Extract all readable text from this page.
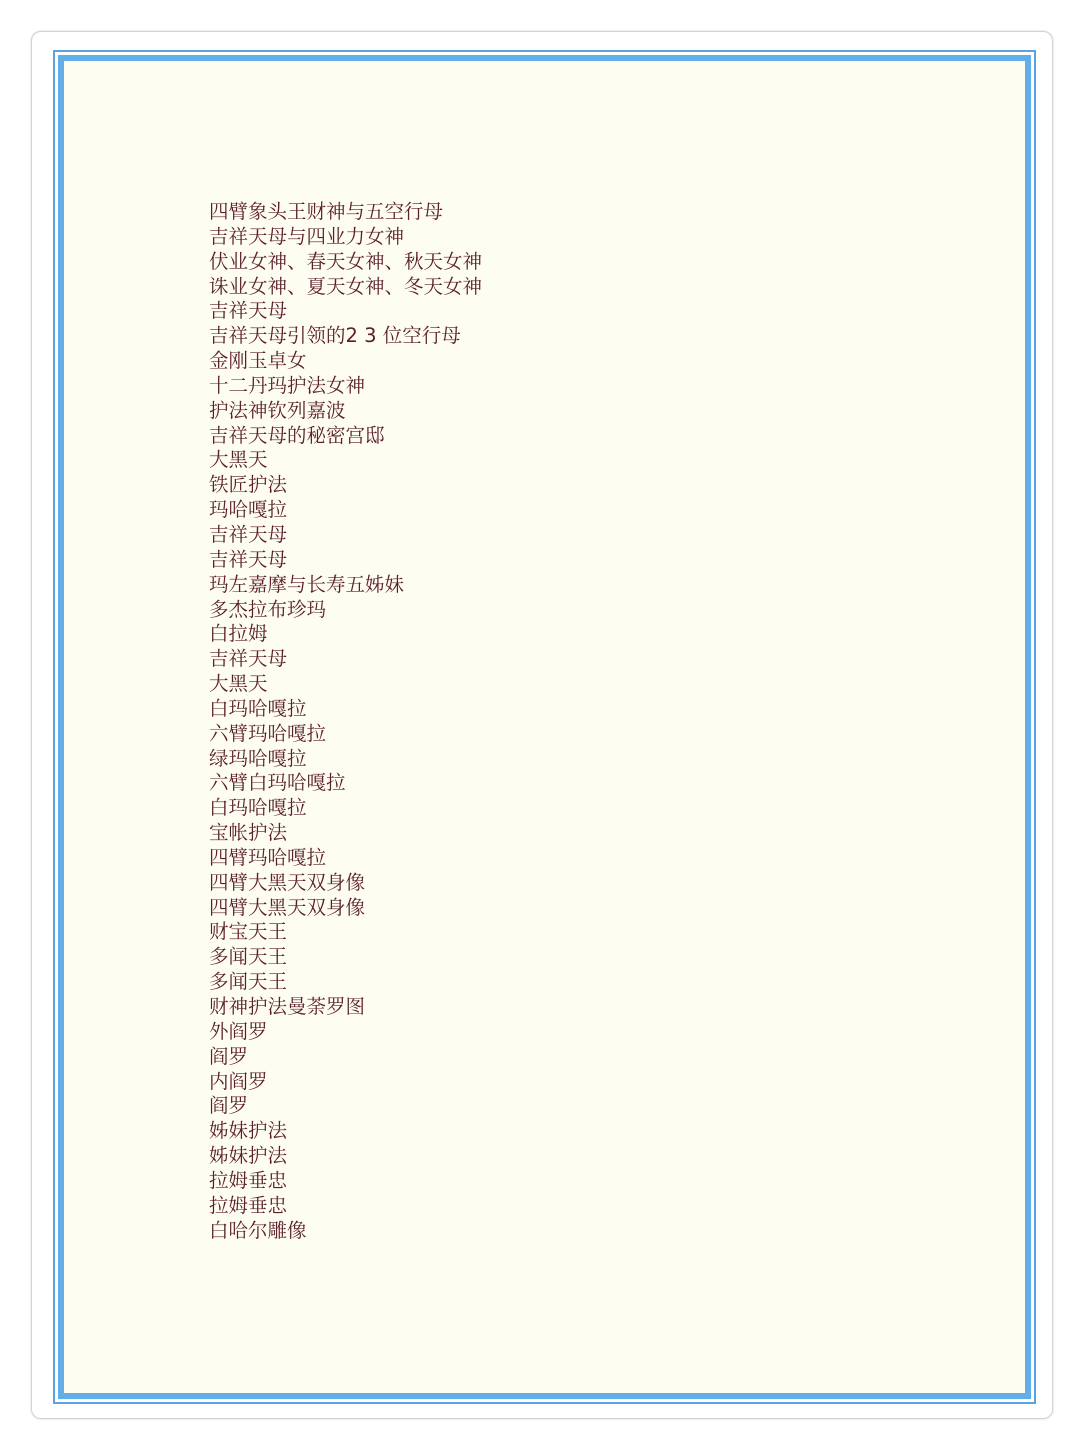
四臂象头王财神与五空行母
吉祥天母与四业力女神
伏业女神、春天女神、秋天女神
诛业女神、夏天女神、冬天女神
吉祥天母
吉祥天母引领的2 3 位空行母
金刚玉卓女
十二丹玛护法女神
护法神钦列嘉波
吉祥天母的秘密宫邸
大黑天
铁匠护法
玛哈嘎拉
吉祥天母
吉祥天母
玛左嘉摩与长寿五姊妹
多杰拉布珍玛
白拉姆
吉祥天母
大黑天
白玛哈嘎拉
六臂玛哈嘎拉
绿玛哈嘎拉
六臂白玛哈嘎拉
白玛哈嘎拉
宝帐护法
四臂玛哈嘎拉
四臂大黑天双身像
四臂大黑天双身像
财宝天王
多闻天王
多闻天王
财神护法曼荼罗图
外阎罗
阎罗
内阎罗
阎罗
姊妹护法
姊妹护法
拉姆垂忠
拉姆垂忠
白哈尔雕像
